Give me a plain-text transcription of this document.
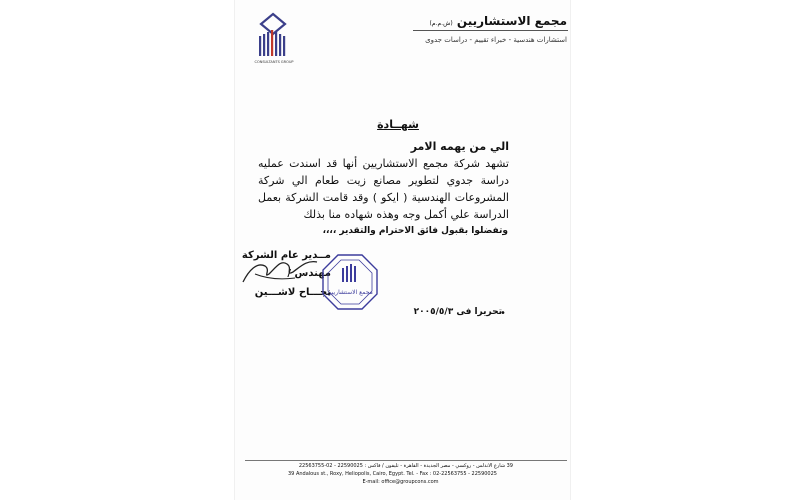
مجمع الاستشاريين (ش.م.م)
استشارات هندسية - خبراء تقييم - دراسات جدوى
CONSULTANTS GROUP
شهــادة
الي من يهمه الامر
تشهد شركة مجمع الاستشاريين أنها قد اسندت عمليه دراسة جدوي لتطوير مصانع زيت طعام الي شركة المشروعات الهندسية ( ايكو ) وقد قامت الشركة بعمل الدراسة علي أكمل وجه وهذه شهاده منا بذلك
وتفضلوا بقبول فائق الاحترام والتقدير ،،،،
مــدير عام الشركة
مهندس /
نجـــاح لاشـــين
مجمع الاستشاريين
تحريرا فى ٢٠٠٥/٥/٣
•
39 شارع الاندلس - روكسي - مصر الجديدة - القاهرة - تليفون / فاكس : 22590025 - 02-22563755
39 Andalous st., Roxy, Heliopolis, Cairo, Egypt. Tel. - Fax : 02-22563755 - 22590025
E-mail: office@groupcons.com
